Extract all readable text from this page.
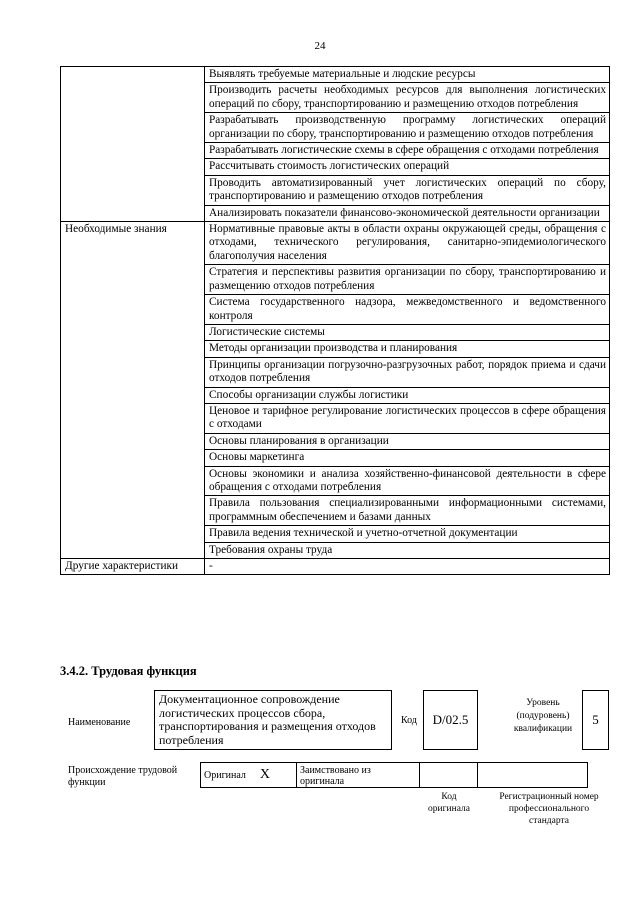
24
	Выявлять требуемые материальные и людские ресурсы
	Производить расчеты необходимых ресурсов для выполнения логистических операций по сбору, транспортированию и размещению отходов потребления
	Разрабатывать производственную программу логистических операций организации по сбору, транспортированию и размещению отходов потребления
	Разрабатывать логистические схемы в сфере обращения с отходами потребления
	Рассчитывать стоимость логистических операций
	Проводить автоматизированный учет логистических операций по сбору, транспортированию и размещению отходов потребления
	Анализировать показатели финансово-экономической деятельности организации
Необходимые знания	Нормативные правовые акты в области охраны окружающей среды, обращения с отходами, технического регулирования, санитарно-эпидемиологического благополучия населения
	Стратегия и перспективы развития организации по сбору, транспортированию и размещению отходов потребления
	Система государственного надзора, межведомственного и ведомственного контроля
	Логистические системы
	Методы организации производства и планирования
	Принципы организации погрузочно-разгрузочных работ, порядок приема и сдачи отходов потребления
	Способы организации службы логистики
	Ценовое и тарифное регулирование логистических процессов в сфере обращения с отходами
	Основы планирования в организации
	Основы маркетинга
	Основы экономики и анализа хозяйственно-финансовой деятельности в сфере обращения с отходами потребления
	Правила пользования специализированными информационными системами, программным обеспечением и базами данных
	Правила ведения технической и учетно-отчетной документации
	Требования охраны труда
Другие характеристики	-
3.4.2. Трудовая функция
Наименование
Документационное сопровождение логистических процессов сбора, транспортирования и размещения отходов потребления
Код	D/02.5
Уровень (подуровень) квалификации
5
Происхождение трудовой функции
Оригинал X	Заимствовано из оригинала		
Код оригинала
Регистрационный номер профессионального стандарта
